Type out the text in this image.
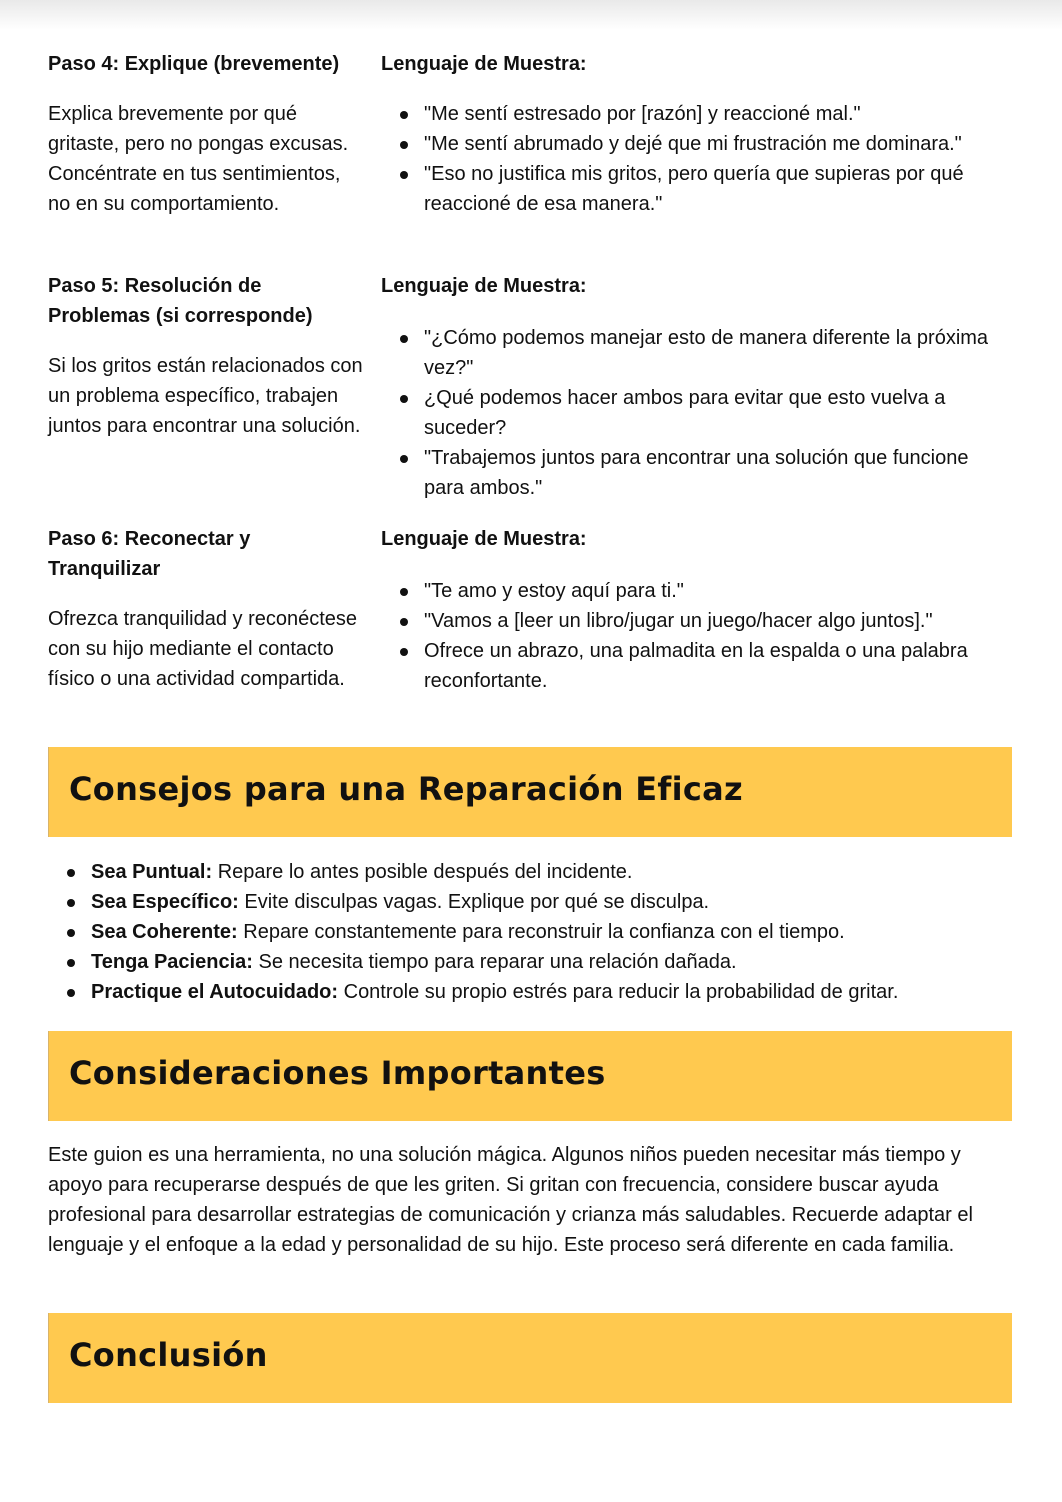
Paso 4: Explique (brevemente)

Explica brevemente por qué gritaste, pero no pongas excusas. Concéntrate en tus sentimientos, no en su comportamiento.

Lenguaje de Muestra:
"Me sentí estresado por [razón] y reaccioné mal."
"Me sentí abrumado y dejé que mi frustración me dominara."
"Eso no justifica mis gritos, pero quería que supieras por qué reaccioné de esa manera."
Paso 5: Resolución de Problemas (si corresponde)

Si los gritos están relacionados con un problema específico, trabajen juntos para encontrar una solución.

Lenguaje de Muestra:
"¿Cómo podemos manejar esto de manera diferente la próxima vez?"
¿Qué podemos hacer ambos para evitar que esto vuelva a suceder?
"Trabajemos juntos para encontrar una solución que funcione para ambos."
Paso 6: Reconectar y Tranquilizar

Ofrezca tranquilidad y reconéctese con su hijo mediante el contacto físico o una actividad compartida.

Lenguaje de Muestra:
"Te amo y estoy aquí para ti."
"Vamos a [leer un libro/jugar un juego/hacer algo juntos]."
Ofrece un abrazo, una palmadita en la espalda o una palabra reconfortante.
Consejos para una Reparación Eficaz
Sea Puntual: Repare lo antes posible después del incidente.
Sea Específico: Evite disculpas vagas. Explique por qué se disculpa.
Sea Coherente: Repare constantemente para reconstruir la confianza con el tiempo.
Tenga Paciencia: Se necesita tiempo para reparar una relación dañada.
Practique el Autocuidado: Controle su propio estrés para reducir la probabilidad de gritar.
Consideraciones Importantes

Este guion es una herramienta, no una solución mágica. Algunos niños pueden necesitar más tiempo y apoyo para recuperarse después de que les griten. Si gritan con frecuencia, considere buscar ayuda profesional para desarrollar estrategias de comunicación y crianza más saludables. Recuerde adaptar el lenguaje y el enfoque a la edad y personalidad de su hijo. Este proceso será diferente en cada familia.

Conclusión
